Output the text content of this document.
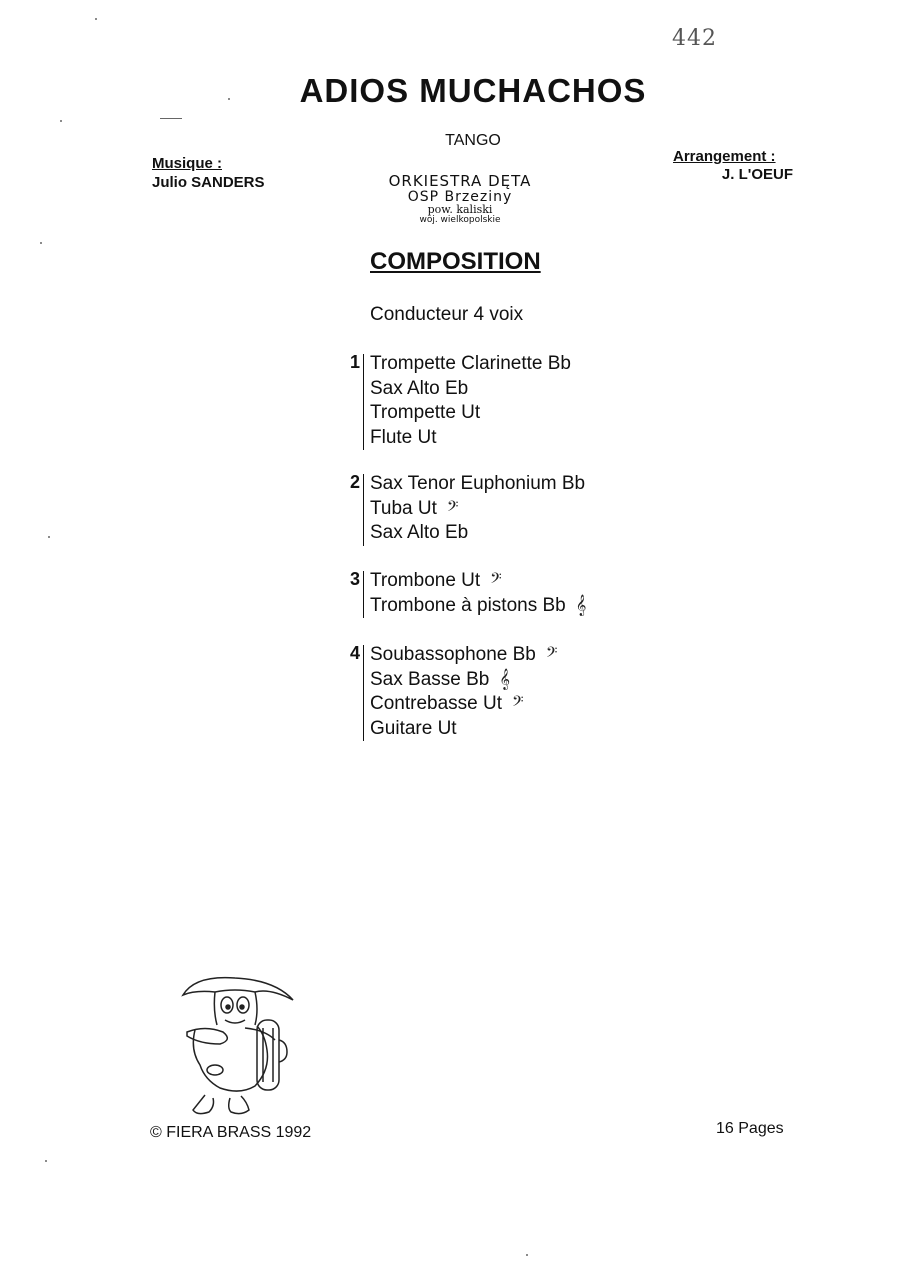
442
ADIOS MUCHACHOS
TANGO
Musique :
Julio SANDERS
Arrangement :
J. L'OEUF
ORKIESTRA DĘTA
OSP Brzeziny
pow. kaliski
woj. wielkopolskie
COMPOSITION
Conducteur 4 voix
1 Trompette Clarinette Bb
Sax Alto Eb
Trompette Ut
Flute Ut
2 Sax Tenor Euphonium Bb
Tuba Ut 𝄢
Sax Alto Eb
3 Trombone Ut 𝄢
Trombone à pistons Bb 𝄞
4 Soubassophone Bb 𝄢
Sax Basse Bb 𝄞
Contrebasse Ut 𝄢
Guitare Ut
© FIERA BRASS 1992	16 Pages
